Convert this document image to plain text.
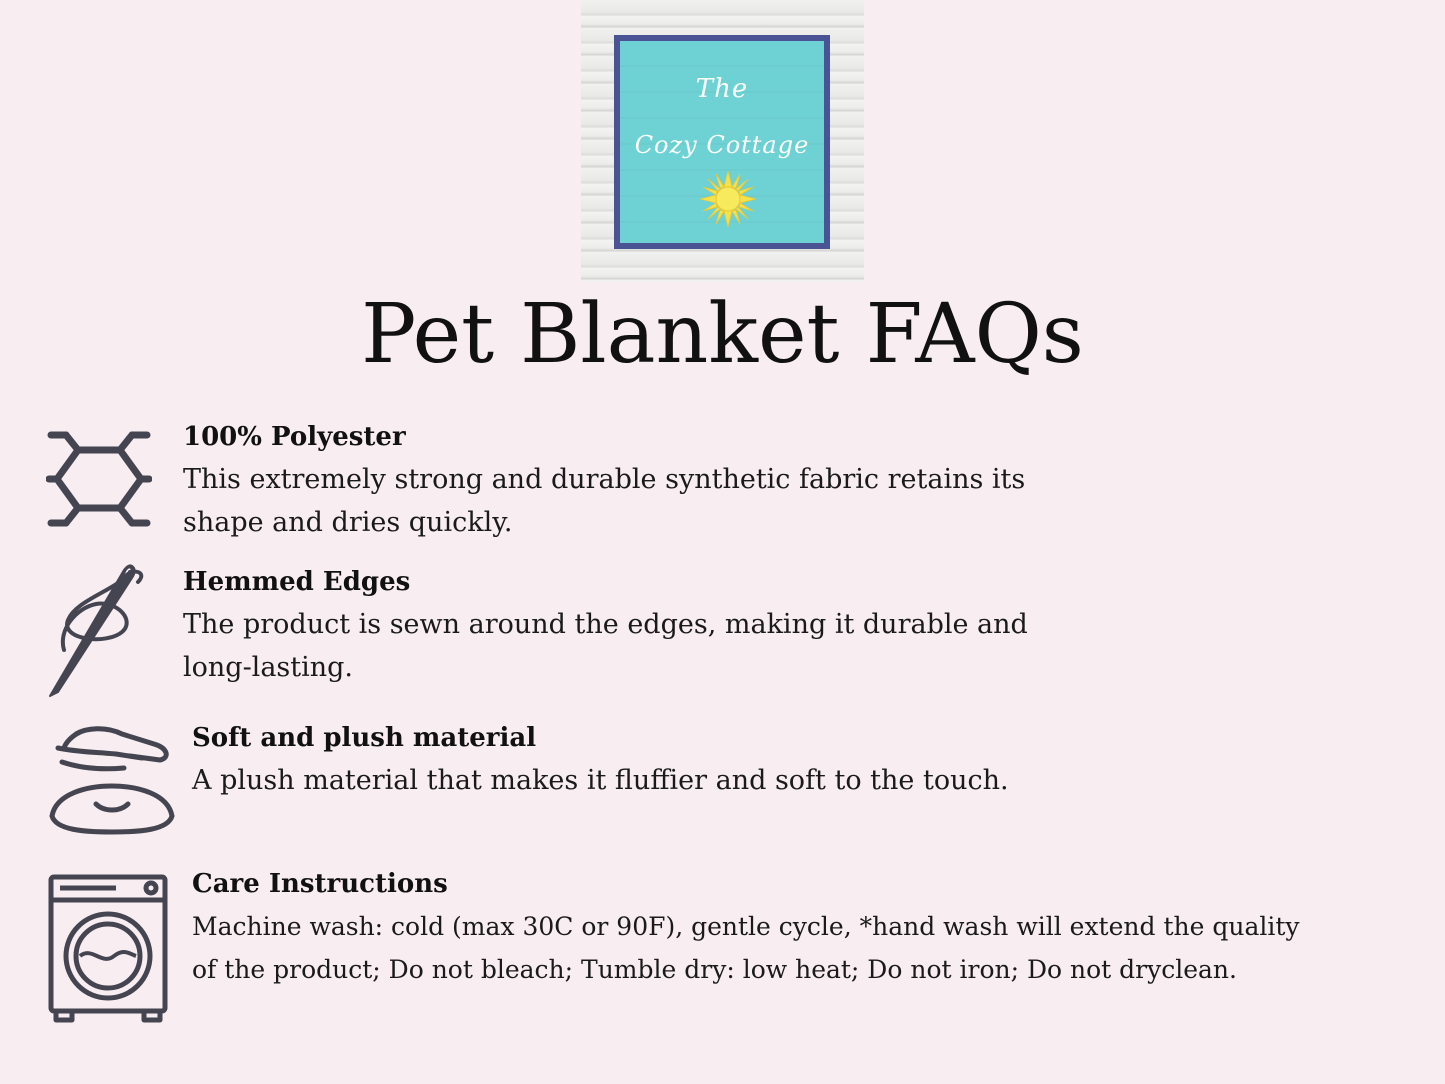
The
Cozy Cottage
Pet Blanket FAQs
100% Polyester
This extremely strong and durable synthetic fabric retains its
shape and dries quickly.
Hemmed Edges
The product is sewn around the edges, making it durable and
long-lasting.
Soft and plush material
A plush material that makes it fluffier and soft to the touch.
Care Instructions
Machine wash: cold (max 30C or 90F), gentle cycle, *hand wash will extend the quality
of the product; Do not bleach; Tumble dry: low heat; Do not iron; Do not dryclean.
